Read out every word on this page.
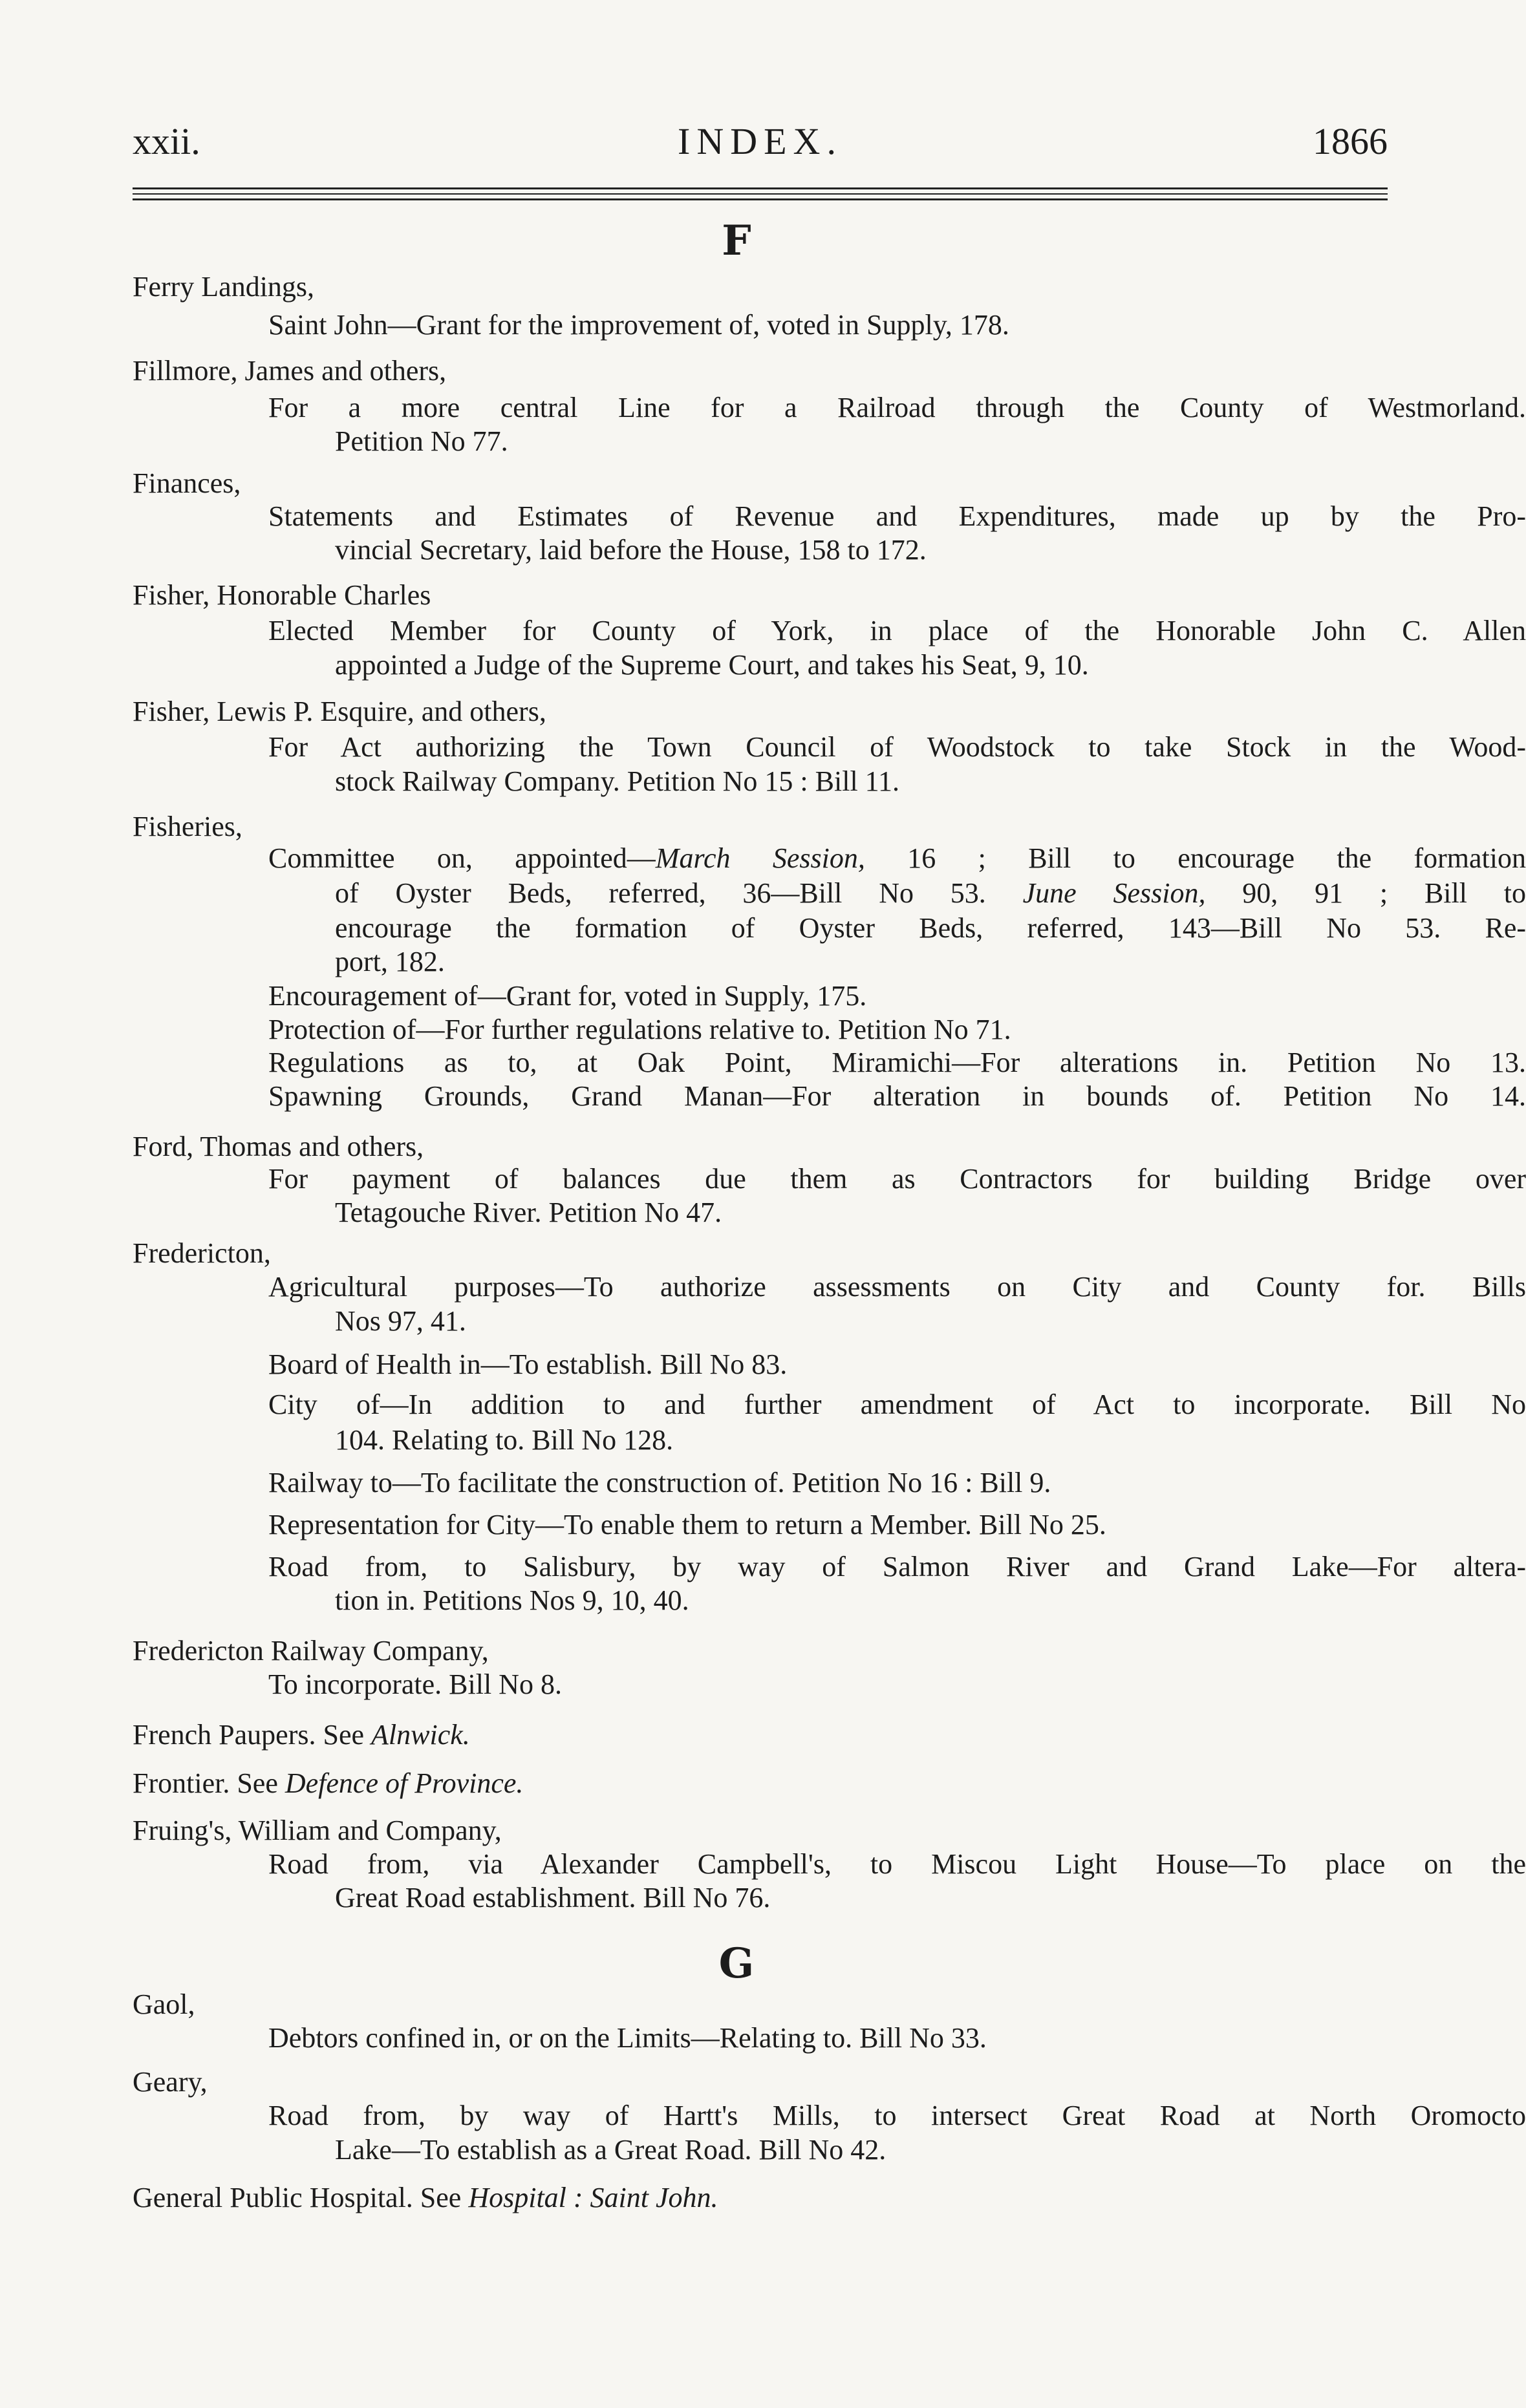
xxii.	INDEX.	1866
F
Ferry Landings,
Saint John—Grant for the improvement of, voted in Supply, 178.
Fillmore, James and others,
For a more central Line for a Railroad through the County of Westmorland.
Petition No 77.
Finances,
Statements and Estimates of Revenue and Expenditures, made up by the Pro-
vincial Secretary, laid before the House, 158 to 172.
Fisher, Honorable Charles
Elected Member for County of York, in place of the Honorable John C. Allen
appointed a Judge of the Supreme Court, and takes his Seat, 9, 10.
Fisher, Lewis P. Esquire, and others,
For Act authorizing the Town Council of Woodstock to take Stock in the Wood-
stock Railway Company. Petition No 15 : Bill 11.
Fisheries,
Committee on, appointed—March Session, 16 ; Bill to encourage the formation
of Oyster Beds, referred, 36—Bill No 53. June Session, 90, 91 ; Bill to
encourage the formation of Oyster Beds, referred, 143—Bill No 53. Re-
port, 182.
Encouragement of—Grant for, voted in Supply, 175.
Protection of—For further regulations relative to. Petition No 71.
Regulations as to, at Oak Point, Miramichi—For alterations in. Petition No 13.
Spawning Grounds, Grand Manan—For alteration in bounds of. Petition No 14.
Ford, Thomas and others,
For payment of balances due them as Contractors for building Bridge over
Tetagouche River. Petition No 47.
Fredericton,
Agricultural purposes—To authorize assessments on City and County for. Bills
Nos 97, 41.
Board of Health in—To establish. Bill No 83.
City of—In addition to and further amendment of Act to incorporate. Bill No
104. Relating to. Bill No 128.
Railway to—To facilitate the construction of. Petition No 16 : Bill 9.
Representation for City—To enable them to return a Member. Bill No 25.
Road from, to Salisbury, by way of Salmon River and Grand Lake—For altera-
tion in. Petitions Nos 9, 10, 40.
Fredericton Railway Company,
To incorporate. Bill No 8.
French Paupers. See Alnwick.
Frontier. See Defence of Province.
Fruing's, William and Company,
Road from, via Alexander Campbell's, to Miscou Light House—To place on the
Great Road establishment. Bill No 76.
G
Gaol,
Debtors confined in, or on the Limits—Relating to. Bill No 33.
Geary,
Road from, by way of Hartt's Mills, to intersect Great Road at North Oromocto
Lake—To establish as a Great Road. Bill No 42.
General Public Hospital. See Hospital : Saint John.
